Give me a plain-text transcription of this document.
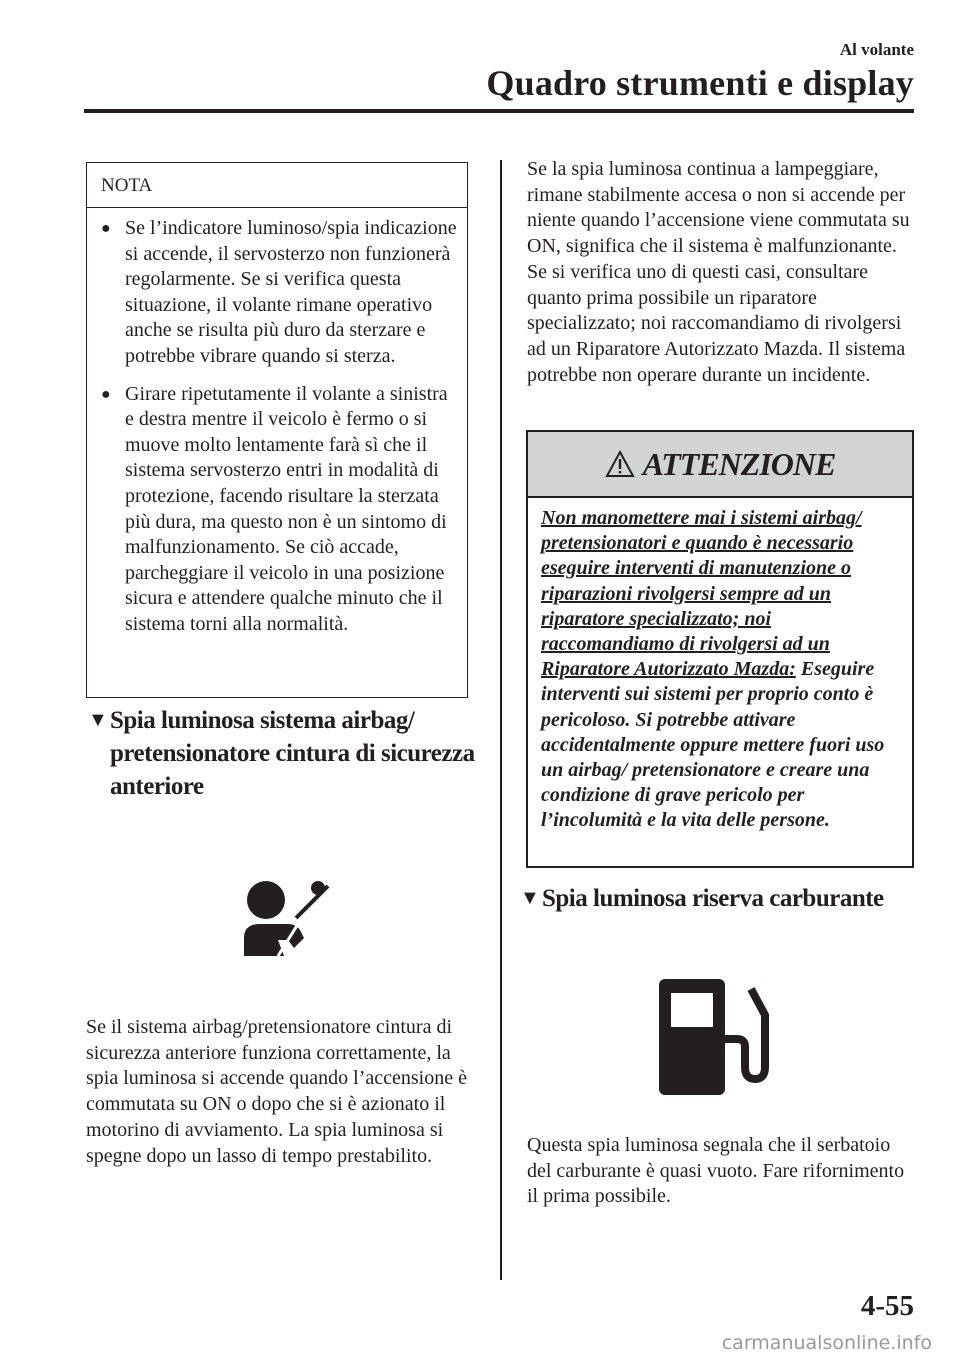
Al volante
Quadro strumenti e display
NOTA
● Se l’indicatore luminoso/spia indicazione si accende, il servosterzo non funzionerà regolarmente. Se si verifica questa situazione, il volante rimane operativo anche se risulta più duro da sterzare e potrebbe vibrare quando si sterza.
● Girare ripetutamente il volante a sinistra e destra mentre il veicolo è fermo o si muove molto lentamente farà sì che il sistema servosterzo entri in modalità di protezione, facendo risultare la sterzata più dura, ma questo non è un sintomo di malfunzionamento. Se ciò accade, parcheggiare il veicolo in una posizione sicura e attendere qualche minuto che il sistema torni alla normalità.
▼ Spia luminosa sistema airbag/ pretensionatore cintura di sicurezza anteriore
Se il sistema airbag/pretensionatore cintura di sicurezza anteriore funziona correttamente, la spia luminosa si accende quando l’accensione è commutata su ON o dopo che si è azionato il motorino di avviamento. La spia luminosa si spegne dopo un lasso di tempo prestabilito.
Se la spia luminosa continua a lampeggiare, rimane stabilmente accesa o non si accende per niente quando l’accensione viene commutata su ON, significa che il sistema è malfunzionante. Se si verifica uno di questi casi, consultare quanto prima possibile un riparatore specializzato; noi raccomandiamo di rivolgersi ad un Riparatore Autorizzato Mazda. Il sistema potrebbe non operare durante un incidente.
ATTENZIONE
Non manomettere mai i sistemi airbag/ pretensionatori e quando è necessario eseguire interventi di manutenzione o riparazioni rivolgersi sempre ad un riparatore specializzato; noi raccomandiamo di rivolgersi ad un Riparatore Autorizzato Mazda: Eseguire interventi sui sistemi per proprio conto è pericoloso. Si potrebbe attivare accidentalmente oppure mettere fuori uso un airbag/ pretensionatore e creare una condizione di grave pericolo per l’incolumità e la vita delle persone.
▼ Spia luminosa riserva carburante
Questa spia luminosa segnala che il serbatoio del carburante è quasi vuoto. Fare rifornimento il prima possibile.
4-55
carmanualsonline.info
